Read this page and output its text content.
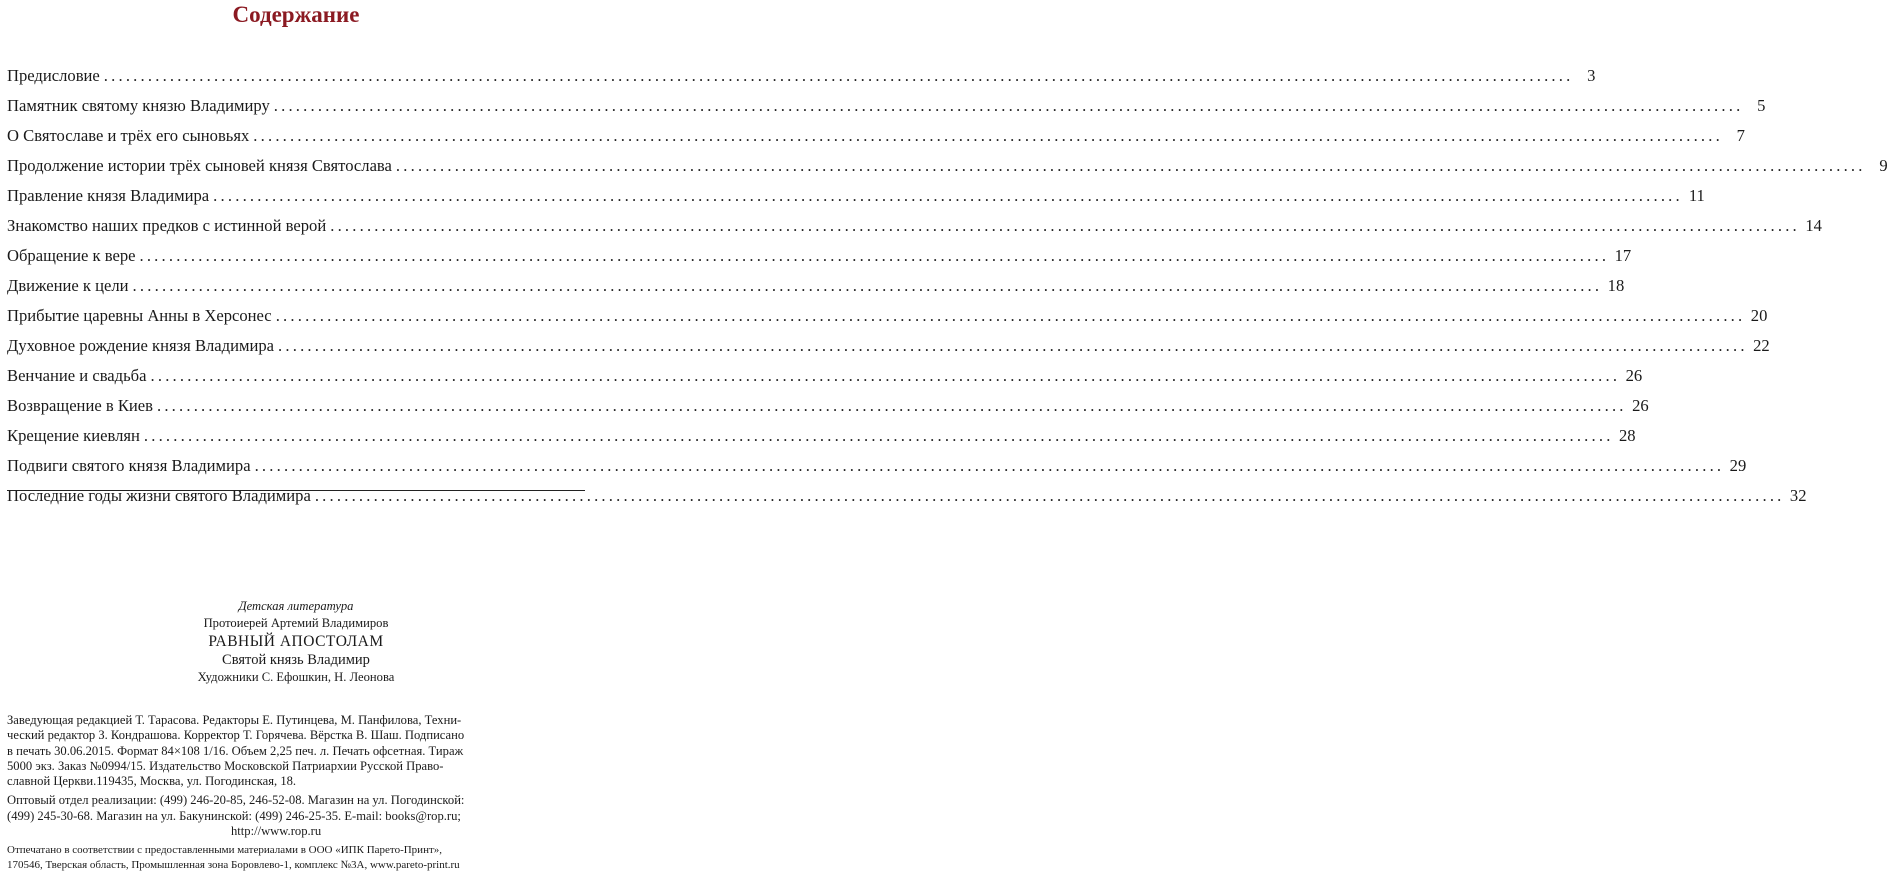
Содержание
Предисловие ........................................................................................................................................................................................................ 3
Памятник святому князю Владимиру ........................................................................................................................................................................................................ 5
О Святославе и трёх его сыновьях ........................................................................................................................................................................................................ 7
Продолжение истории трёх сыновей князя Святослава ........................................................................................................................................................................................................ 9
Правление князя Владимира ........................................................................................................................................................................................................ 11
Знакомство наших предков с истинной верой ........................................................................................................................................................................................................ 14
Обращение к вере ........................................................................................................................................................................................................ 17
Движение к цели ........................................................................................................................................................................................................ 18
Прибытие царевны Анны в Херсонес ........................................................................................................................................................................................................ 20
Духовное рождение князя Владимира ........................................................................................................................................................................................................ 22
Венчание и свадьба ........................................................................................................................................................................................................ 26
Возвращение в Киев ........................................................................................................................................................................................................ 26
Крещение киевлян ........................................................................................................................................................................................................ 28
Подвиги святого князя Владимира ........................................................................................................................................................................................................ 29
Последние годы жизни святого Владимира ........................................................................................................................................................................................................ 32
Детская литература
Протоиерей Артемий Владимиров
РАВНЫЙ АПОСТОЛАМ
Святой князь Владимир
Художники С. Ефошкин, Н. Леонова
Заведующая редакцией Т. Тарасова. Редакторы Е. Путинцева, М. Панфилова, Техни-
ческий редактор З. Кондрашова. Корректор Т. Горячева. Вёрстка В. Шаш. Подписано
в печать 30.06.2015. Формат 84×108 1/16. Объем 2,25 печ. л. Печать офсетная. Тираж
5000 экз. Заказ №0994/15. Издательство Московской Патриархии Русской Право-
славной Церкви.119435, Москва, ул. Погодинская, 18.
Оптовый отдел реализации: (499) 246-20-85, 246-52-08. Магазин на ул. Погодинской:
(499) 245-30-68. Магазин на ул. Бакунинской: (499) 246-25-35. E-mail: books@rop.ru;
http://www.rop.ru
Отпечатано в соответствии с предоставленными материалами в ООО «ИПК Парето-Принт»,
170546, Тверская область, Промышленная зона Боровлево-1, комплекс №3А, www.pareto-print.ru
